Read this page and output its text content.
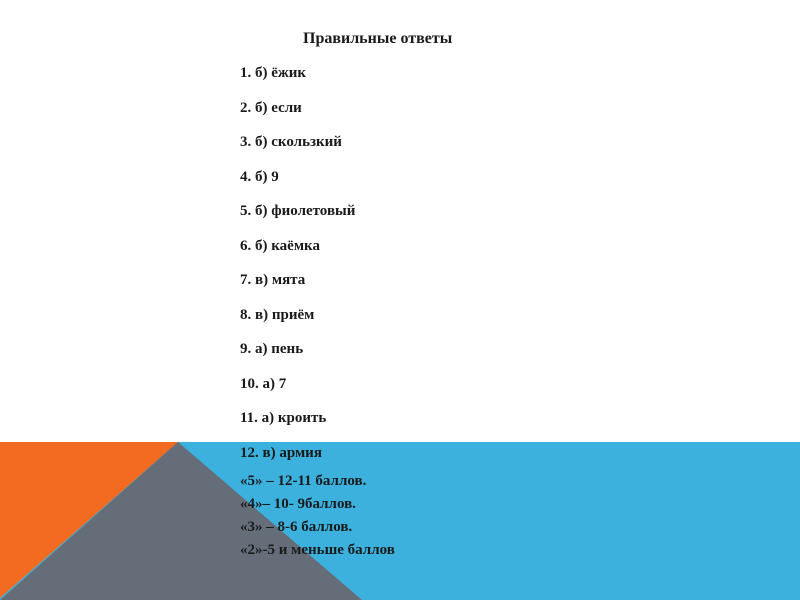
Правильные ответы
1. б) ёжик
2. б) если
3. б) скользкий
4. б) 9
5. б) фиолетовый
6. б) каёмка
7. в) мята
8. в) приём
9. а) пень
10. а) 7
11. а) кроить
12. в) армия
«5» – 12-11 баллов.
«4»– 10- 9баллов.
«3» – 8-6 баллов.
«2»-5 и меньше баллов
